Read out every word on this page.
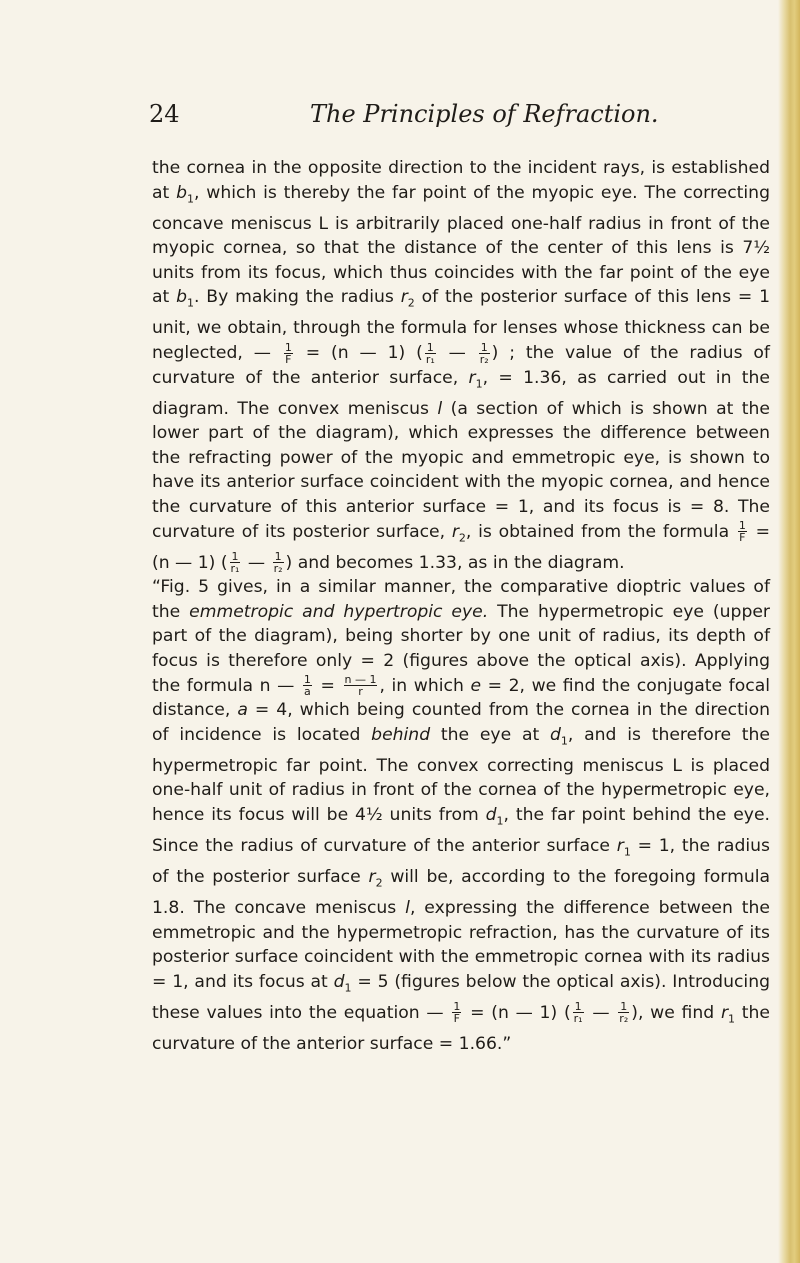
24	The Principles of Refraction.

the cornea in the opposite direction to the incident rays, is established at $b_1$, which is thereby the far point of the myopic eye. The correcting concave meniscus L is arbitrarily placed one-half radius in front of the myopic cornea, so that the distance of the center of this lens is 7½ units from its focus, which thus coincides with the far point of the eye at $b_1$. By making the radius $r_2$ of the posterior surface of this lens = 1 unit, we obtain, through the formula for lenses whose thickness can be neglected, — $\frac{1}{F} = (n$ — 1) ( $\frac{1}{\text{r₁}}$ — $\frac{1}{\text{r₂}}$ ) ; the value of the radius of curvature of the anterior surface, $r_1$, = 1.36, as carried out in the diagram. The convex meniscus l (a section of which is shown at the lower part of the diagram), which expresses the difference between the refracting power of the myopic and emmetropic eye, is shown to have its anterior surface coincident with the myopic cornea, and hence the curvature of this anterior surface = 1, and its focus is = 8. The curvature of its posterior surface, $r_2$, is obtained from the formula $\frac{1}{F} = (n$ — 1) ( $\frac{1}{\text{r₁}}$ — $\frac{1}{\text{r₂}}$ ) and becomes 1.33, as in the diagram.

“Fig. 5 gives, in a similar manner, the comparative dioptric values of the emmetropic and hypertropic eye. The hypermetropic eye (upper part of the diagram), being shorter by one unit of radius, its depth of focus is therefore only = 2 (figures above the optical axis). Applying the formula n — $\frac{1}{a} = \frac{n — 1}{r}$ , in which e = 2, we find the conjugate focal distance, a = 4, which being counted from the cornea in the direction of incidence is located behind the eye at $d_1$, and is therefore the hypermetropic far point. The convex correcting meniscus L is placed one-half unit of radius in front of the cornea of the hypermetropic eye, hence its focus will be 4½ units from $d_1$, the far point behind the eye. Since the radius of curvature of the anterior surface $r_1 = 1$, the radius of the posterior surface $r_2$ will be, according to the foregoing formula 1.8. The concave meniscus l, expressing the difference between the emmetropic and the hypermetropic refraction, has the curvature of its posterior surface coincident with the emmetropic cornea with its radius = 1, and its focus at $d_1 = 5$ (figures below the optical axis). Introducing these values into the equation — $\frac{1}{F} = (n$ — 1) ( $\frac{1}{\text{r₁}}$ — $\frac{1}{\text{r₂}}$ ), we find $r_1$ the curvature of the anterior surface = 1.66.”
